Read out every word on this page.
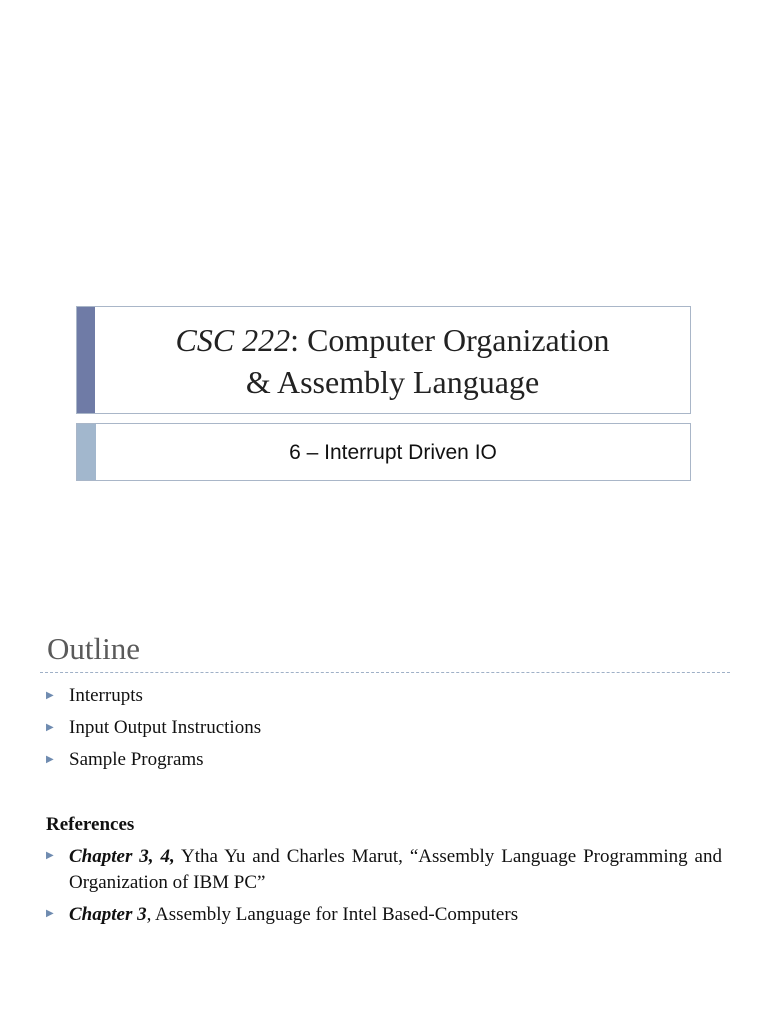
CSC 222: Computer Organization
& Assembly Language
6 – Interrupt Driven IO
Outline
▶ Interrupts
▶ Input Output Instructions
▶ Sample Programs
References
▶ Chapter 3, 4, Ytha Yu and Charles Marut, “Assembly Language Programming and Organization of IBM PC”
▶ Chapter 3, Assembly Language for Intel Based-Computers
